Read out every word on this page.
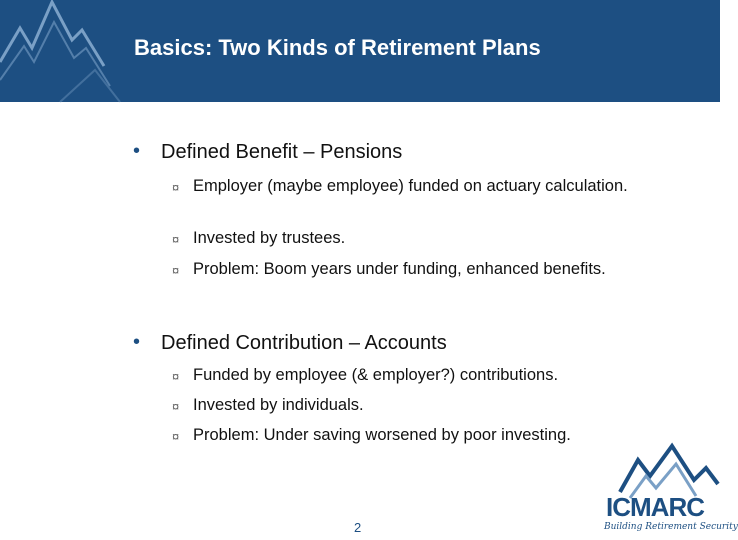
Basics: Two Kinds of Retirement Plans
• Defined Benefit – Pensions
¤ Employer (maybe employee) funded on actuary calculation.
¤ Invested by trustees.
¤ Problem: Boom years under funding, enhanced benefits.
• Defined Contribution – Accounts
¤ Funded by employee (& employer?) contributions.
¤ Invested by individuals.
¤ Problem: Under saving worsened by poor investing.
2
ICMARC
Building Retirement Security
